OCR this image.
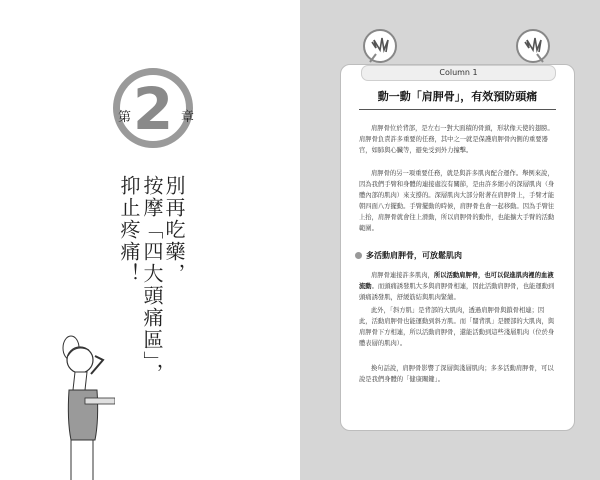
2
第	章
別再吃藥，
按摩「四大頭痛區」，
抑止疼痛！
Column 1
動一動「肩胛骨」，有效預防頭痛

肩胛骨位於背部，是左右一對大面積的骨頭，形狀像天使的翅膀。肩胛骨負責許多重要的任務，其中之一就是保護肩胛骨內側的重要器官，如肺與心臟等，避免受到外力撞擊。

肩胛骨的另一項重要任務，就是與許多肌肉配合運作。舉例來說，因為我們手臂和身體的連接處沒有關節，是由許多細小的深層肌肉（身體內部的肌肉）來支撐的。深層肌肉大部分附著在肩胛骨上，手臂才能朝四面八方擺動。手臂擺動的時候，肩胛骨也會一起移動。因為手臂往上抬，肩胛骨就會往上滑動，所以肩胛骨的動作，也能擴大手臂的活動範圍。

多活動肩胛骨，可放鬆肌肉

肩胛骨連接許多肌肉，所以活動肩胛骨，也可以促進肌肉裡的血液流動。而頭痛誘發肌大多與肩胛骨相連，因此活動肩胛骨，也能運動到頭痛誘發肌，舒緩筋結與肌肉緊繃。

此外，「斜方肌」是背部的大肌肉，透過肩胛骨與鎖骨相連；因此，活動肩胛骨也能運動到斜方肌。而「闊背肌」是腰部的大肌肉，與肩胛骨下方相連，所以活動肩胛骨，還能活動到這些淺層肌肉（位於身體表層的肌肉）。

換句話說，肩胛骨影響了深層與淺層肌肉；多多活動肩胛骨，可以說是我們身體的「健康關鍵」。
